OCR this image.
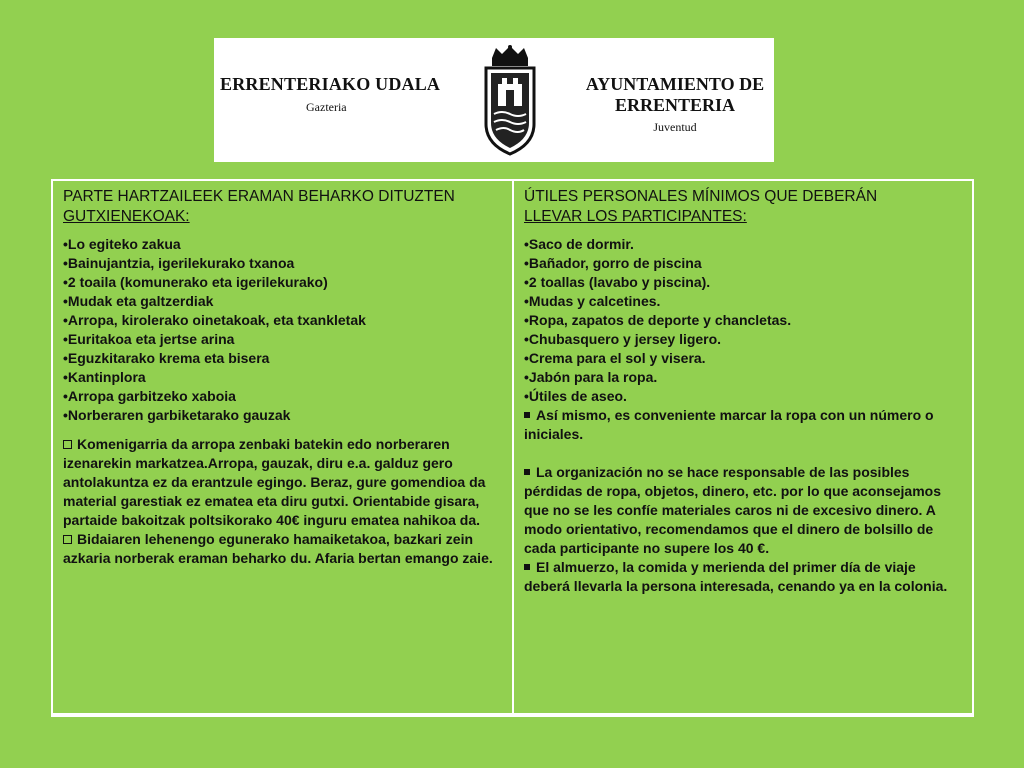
ERRENTERIAKO UDALA
Gazteria
AYUNTAMIENTO DE
ERRENTERIA
Juventud
PARTE HARTZAILEEK ERAMAN BEHARKO DITUZTEN
GUTXIENEKOAK:
•Lo egiteko zakua
•Bainujantzia, igerilekurako txanoa
•2 toaila (komunerako eta igerilekurako)
•Mudak eta galtzerdiak
•Arropa, kirolerako oinetakoak, eta txankletak
•Euritakoa eta jertse arina
•Eguzkitarako krema eta bisera
•Kantinplora
•Arropa garbitzeko xaboia
•Norberaren garbiketarako gauzak

Komenigarria da arropa zenbaki batekin edo norberaren izenarekin markatzea.Arropa, gauzak, diru e.a. galduz gero antolakuntza ez da erantzule egingo. Beraz, gure gomendioa da material garestiak ez ematea eta diru gutxi. Orientabide gisara, partaide bakoitzak poltsikorako 40€ inguru ematea nahikoa da.

Bidaiaren lehenengo egunerako hamaiketakoa, bazkari zein azkaria norberak eraman beharko du. Afaria bertan emango zaie.

ÚTILES PERSONALES MÍNIMOS QUE DEBERÁN
LLEVAR LOS PARTICIPANTES:
•Saco de dormir.
•Bañador, gorro de piscina
•2 toallas (lavabo y piscina).
•Mudas y calcetines.
•Ropa, zapatos de deporte y chancletas.
•Chubasquero y jersey ligero.
•Crema para el sol y visera.
•Jabón para la ropa.
•Útiles de aseo.

Así mismo, es conveniente marcar la ropa con un número o iniciales.

La organización no se hace responsable de las posibles pérdidas de ropa, objetos, dinero, etc. por lo que aconsejamos que no se les confíe materiales caros ni de excesivo dinero. A modo orientativo, recomendamos que el dinero de bolsillo de cada participante no supere los 40 €.

El almuerzo, la comida y merienda del primer día de viaje deberá llevarla la persona interesada, cenando ya en la colonia.
